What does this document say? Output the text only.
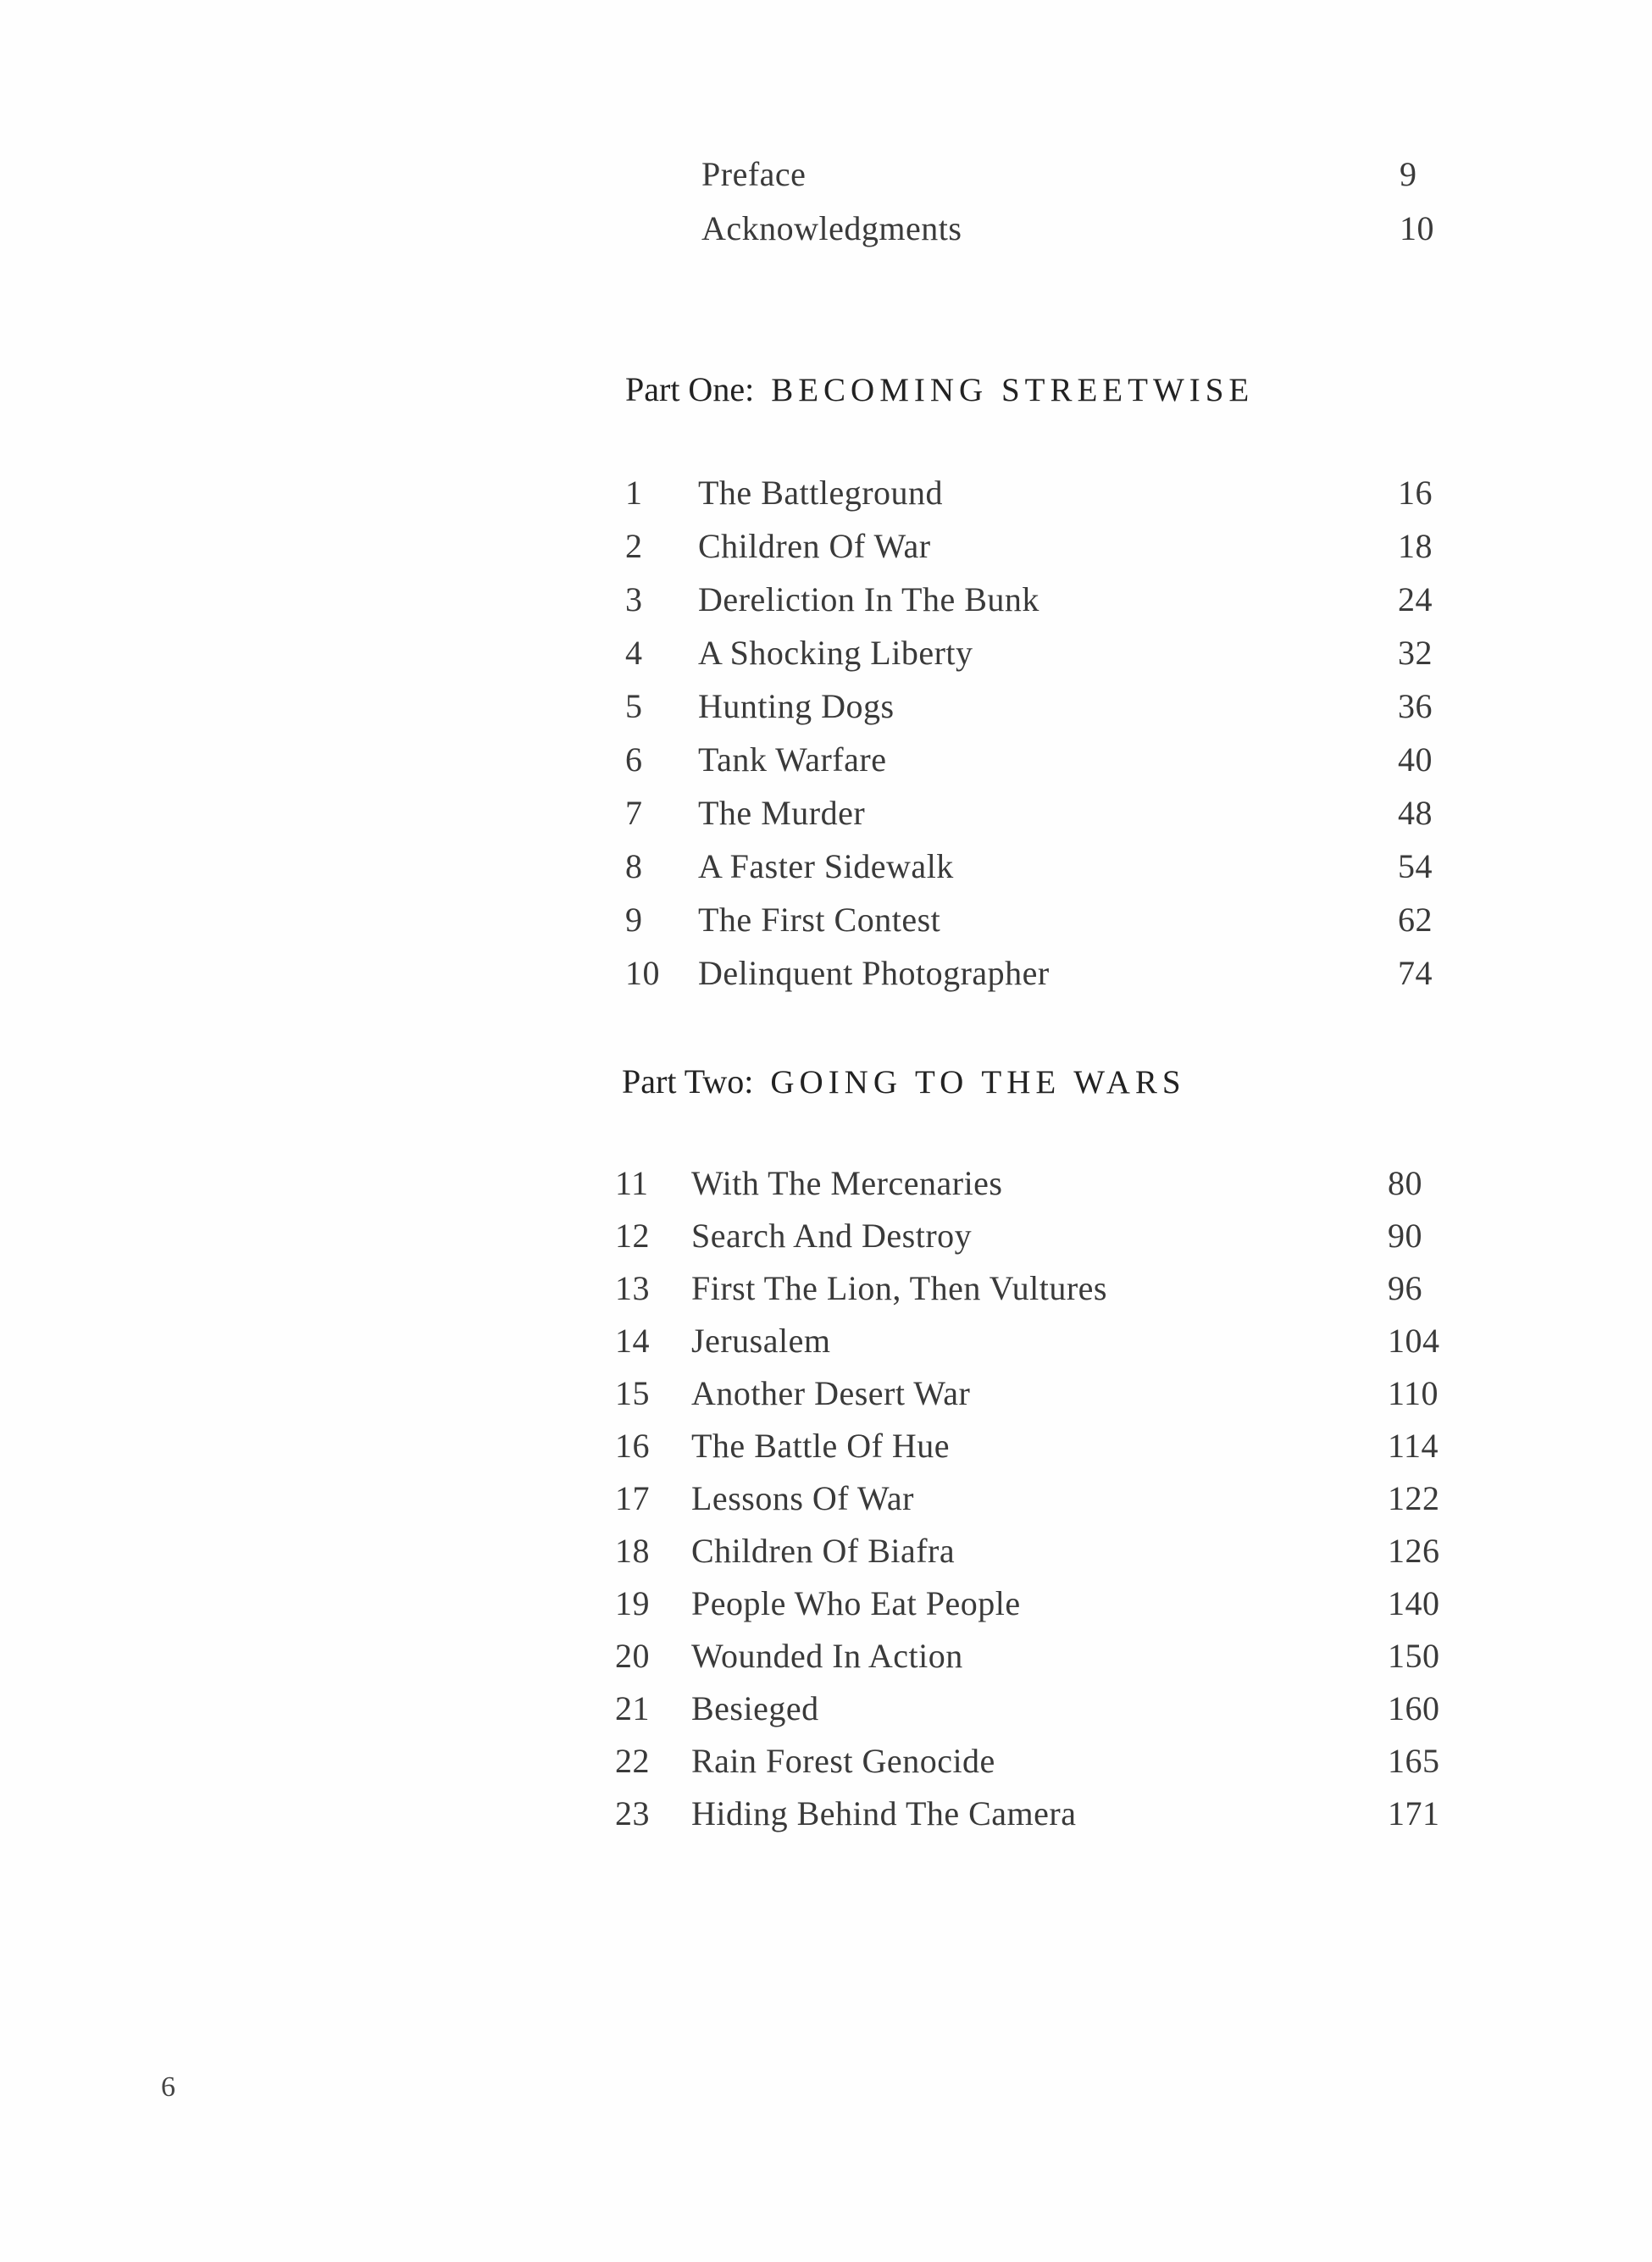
Preface	9
Acknowledgments	10
Part One: BECOMING STREETWISE
1 The Battleground	16
2 Children Of War	18
3 Dereliction In The Bunk	24
4 A Shocking Liberty	32
5 Hunting Dogs	36
6 Tank Warfare	40
7 The Murder	48
8 A Faster Sidewalk	54
9 The First Contest	62
10 Delinquent Photographer	74
Part Two: GOING TO THE WARS
11 With The Mercenaries	80
12 Search And Destroy	90
13 First The Lion, Then Vultures	96
14 Jerusalem	104
15 Another Desert War	110
16 The Battle Of Hue	114
17 Lessons Of War	122
18 Children Of Biafra	126
19 People Who Eat People	140
20 Wounded In Action	150
21 Besieged	160
22 Rain Forest Genocide	165
23 Hiding Behind The Camera	171
6
